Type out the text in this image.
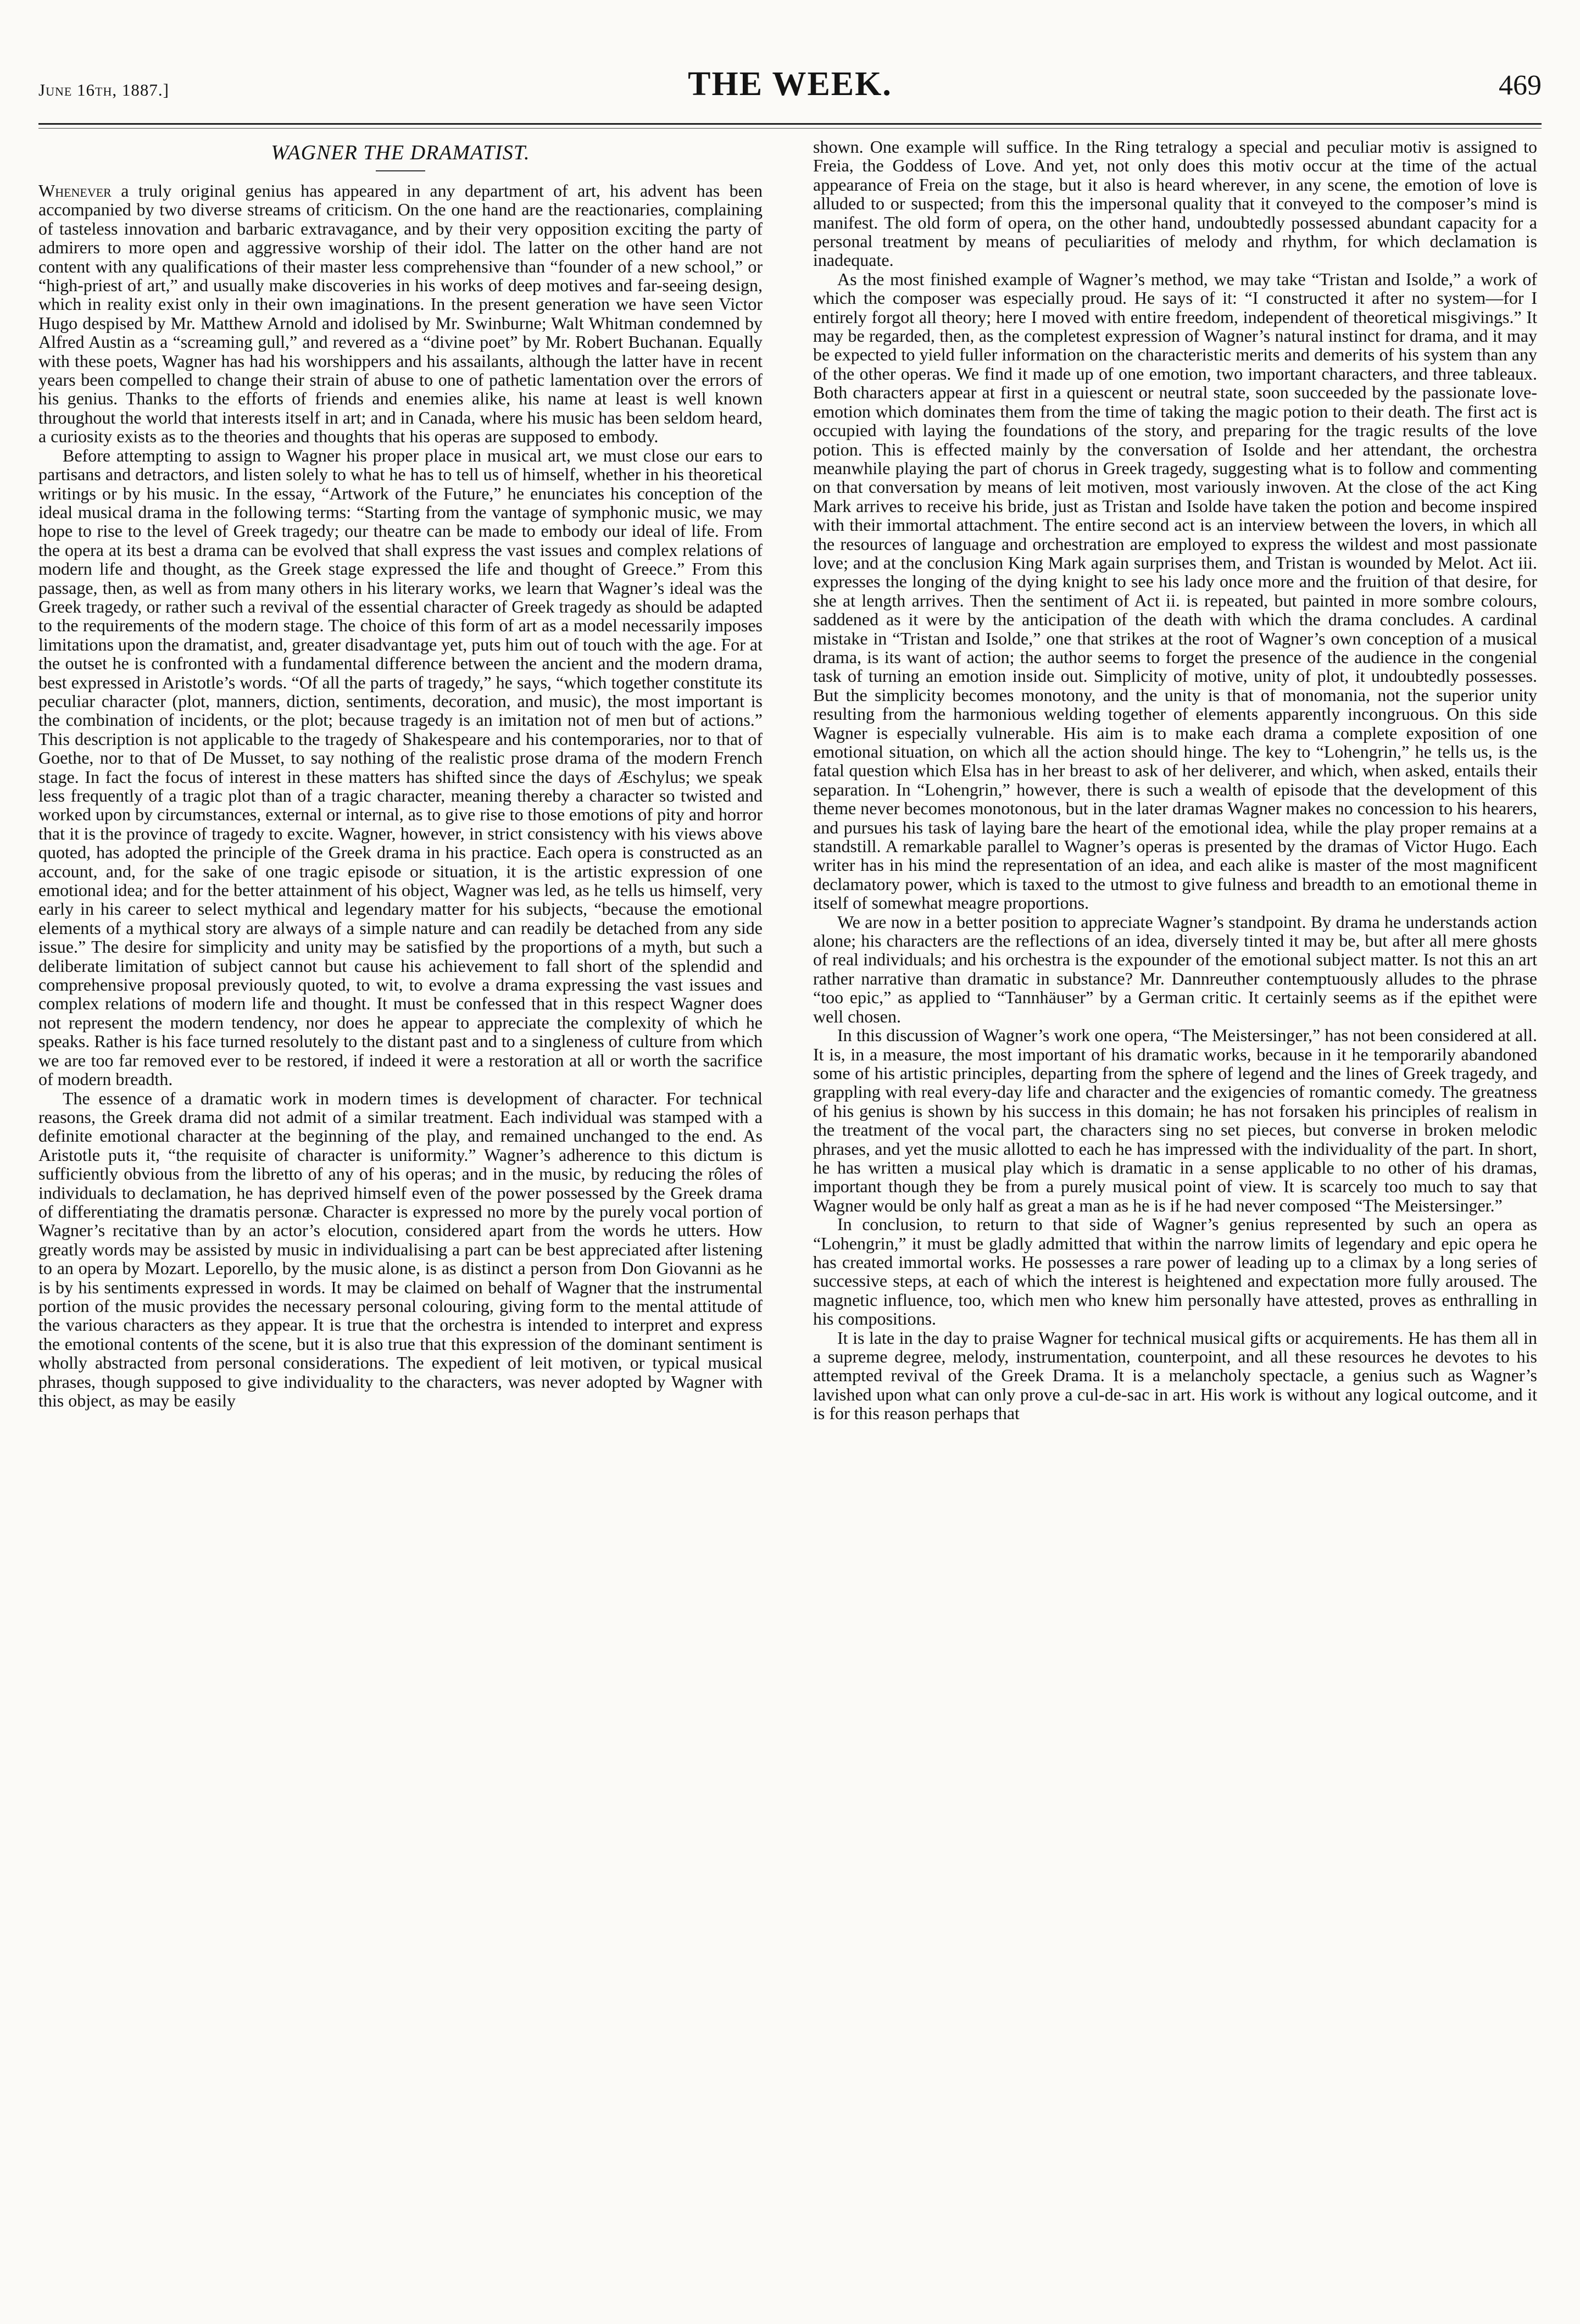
THE WEEK.
June 16th, 1887.]	469
WAGNER THE DRAMATIST.

Whenever a truly original genius has appeared in any department of art, his advent has been accompanied by two diverse streams of criticism. On the one hand are the reactionaries, complaining of tasteless innovation and barbaric extravagance, and by their very opposition exciting the party of admirers to more open and aggressive worship of their idol. The latter on the other hand are not content with any qualifications of their master less comprehensive than “founder of a new school,” or “high-priest of art,” and usually make discoveries in his works of deep motives and far-seeing design, which in reality exist only in their own imaginations. In the present generation we have seen Victor Hugo despised by Mr. Matthew Arnold and idolised by Mr. Swinburne; Walt Whitman condemned by Alfred Austin as a “screaming gull,” and revered as a “divine poet” by Mr. Robert Buchanan. Equally with these poets, Wagner has had his worshippers and his assailants, although the latter have in recent years been compelled to change their strain of abuse to one of pathetic lamentation over the errors of his genius. Thanks to the efforts of friends and enemies alike, his name at least is well known throughout the world that interests itself in art; and in Canada, where his music has been seldom heard, a curiosity exists as to the theories and thoughts that his operas are supposed to embody.

Before attempting to assign to Wagner his proper place in musical art, we must close our ears to partisans and detractors, and listen solely to what he has to tell us of himself, whether in his theoretical writings or by his music. In the essay, “Artwork of the Future,” he enunciates his conception of the ideal musical drama in the following terms: “Starting from the vantage of symphonic music, we may hope to rise to the level of Greek tragedy; our theatre can be made to embody our ideal of life. From the opera at its best a drama can be evolved that shall express the vast issues and complex relations of modern life and thought, as the Greek stage expressed the life and thought of Greece.” From this passage, then, as well as from many others in his literary works, we learn that Wagner’s ideal was the Greek tragedy, or rather such a revival of the essential character of Greek tragedy as should be adapted to the requirements of the modern stage. The choice of this form of art as a model necessarily imposes limitations upon the dramatist, and, greater disadvantage yet, puts him out of touch with the age. For at the outset he is confronted with a fundamental difference between the ancient and the modern drama, best expressed in Aristotle’s words. “Of all the parts of tragedy,” he says, “which together constitute its peculiar character (plot, manners, diction, sentiments, decoration, and music), the most important is the combination of incidents, or the plot; because tragedy is an imitation not of men but of actions.” This description is not applicable to the tragedy of Shakespeare and his contemporaries, nor to that of Goethe, nor to that of De Musset, to say nothing of the realistic prose drama of the modern French stage. In fact the focus of interest in these matters has shifted since the days of Æschylus; we speak less frequently of a tragic plot than of a tragic character, meaning thereby a character so twisted and worked upon by circumstances, external or internal, as to give rise to those emotions of pity and horror that it is the province of tragedy to excite. Wagner, however, in strict consistency with his views above quoted, has adopted the principle of the Greek drama in his practice. Each opera is constructed as an account, and, for the sake of one tragic episode or situation, it is the artistic expression of one emotional idea; and for the better attainment of his object, Wagner was led, as he tells us himself, very early in his career to select mythical and legendary matter for his subjects, “because the emotional elements of a mythical story are always of a simple nature and can readily be detached from any side issue.” The desire for simplicity and unity may be satisfied by the proportions of a myth, but such a deliberate limitation of subject cannot but cause his achievement to fall short of the splendid and comprehensive proposal previously quoted, to wit, to evolve a drama expressing the vast issues and complex relations of modern life and thought. It must be confessed that in this respect Wagner does not represent the modern tendency, nor does he appear to appreciate the complexity of which he speaks. Rather is his face turned resolutely to the distant past and to a singleness of culture from which we are too far removed ever to be restored, if indeed it were a restoration at all or worth the sacrifice of modern breadth.

The essence of a dramatic work in modern times is development of character. For technical reasons, the Greek drama did not admit of a similar treatment. Each individual was stamped with a definite emotional character at the beginning of the play, and remained unchanged to the end. As Aristotle puts it, “the requisite of character is uniformity.” Wagner’s adherence to this dictum is sufficiently obvious from the libretto of any of his operas; and in the music, by reducing the rôles of individuals to declamation, he has deprived himself even of the power possessed by the Greek drama of differentiating the dramatis personæ. Character is expressed no more by the purely vocal portion of Wagner’s recitative than by an actor’s elocution, considered apart from the words he utters. How greatly words may be assisted by music in individualising a part can be best appreciated after listening to an opera by Mozart. Leporello, by the music alone, is as distinct a person from Don Giovanni as he is by his sentiments expressed in words. It may be claimed on behalf of Wagner that the instrumental portion of the music provides the necessary personal colouring, giving form to the mental attitude of the various characters as they appear. It is true that the orchestra is intended to interpret and express the emotional contents of the scene, but it is also true that this expression of the dominant sentiment is wholly abstracted from personal considerations. The expedient of leit motiven, or typical musical phrases, though supposed to give individuality to the characters, was never adopted by Wagner with this object, as may be easily

shown. One example will suffice. In the Ring tetralogy a special and peculiar motiv is assigned to Freia, the Goddess of Love. And yet, not only does this motiv occur at the time of the actual appearance of Freia on the stage, but it also is heard wherever, in any scene, the emotion of love is alluded to or suspected; from this the impersonal quality that it conveyed to the composer’s mind is manifest. The old form of opera, on the other hand, undoubtedly possessed abundant capacity for a personal treatment by means of peculiarities of melody and rhythm, for which declamation is inadequate.

As the most finished example of Wagner’s method, we may take “Tristan and Isolde,” a work of which the composer was especially proud. He says of it: “I constructed it after no system—for I entirely forgot all theory; here I moved with entire freedom, independent of theoretical misgivings.” It may be regarded, then, as the completest expression of Wagner’s natural instinct for drama, and it may be expected to yield fuller information on the characteristic merits and demerits of his system than any of the other operas. We find it made up of one emotion, two important characters, and three tableaux. Both characters appear at first in a quiescent or neutral state, soon succeeded by the passionate love-emotion which dominates them from the time of taking the magic potion to their death. The first act is occupied with laying the foundations of the story, and preparing for the tragic results of the love potion. This is effected mainly by the conversation of Isolde and her attendant, the orchestra meanwhile playing the part of chorus in Greek tragedy, suggesting what is to follow and commenting on that conversation by means of leit motiven, most variously inwoven. At the close of the act King Mark arrives to receive his bride, just as Tristan and Isolde have taken the potion and become inspired with their immortal attachment. The entire second act is an interview between the lovers, in which all the resources of language and orchestration are employed to express the wildest and most passionate love; and at the conclusion King Mark again surprises them, and Tristan is wounded by Melot. Act iii. expresses the longing of the dying knight to see his lady once more and the fruition of that desire, for she at length arrives. Then the sentiment of Act ii. is repeated, but painted in more sombre colours, saddened as it were by the anticipation of the death with which the drama concludes. A cardinal mistake in “Tristan and Isolde,” one that strikes at the root of Wagner’s own conception of a musical drama, is its want of action; the author seems to forget the presence of the audience in the congenial task of turning an emotion inside out. Simplicity of motive, unity of plot, it undoubtedly possesses. But the simplicity becomes monotony, and the unity is that of monomania, not the superior unity resulting from the harmonious welding together of elements apparently incongruous. On this side Wagner is especially vulnerable. His aim is to make each drama a complete exposition of one emotional situation, on which all the action should hinge. The key to “Lohengrin,” he tells us, is the fatal question which Elsa has in her breast to ask of her deliverer, and which, when asked, entails their separation. In “Lohengrin,” however, there is such a wealth of episode that the development of this theme never becomes monotonous, but in the later dramas Wagner makes no concession to his hearers, and pursues his task of laying bare the heart of the emotional idea, while the play proper remains at a standstill. A remarkable parallel to Wagner’s operas is presented by the dramas of Victor Hugo. Each writer has in his mind the representation of an idea, and each alike is master of the most magnificent declamatory power, which is taxed to the utmost to give fulness and breadth to an emotional theme in itself of somewhat meagre proportions.

We are now in a better position to appreciate Wagner’s standpoint. By drama he understands action alone; his characters are the reflections of an idea, diversely tinted it may be, but after all mere ghosts of real individuals; and his orchestra is the expounder of the emotional subject matter. Is not this an art rather narrative than dramatic in substance? Mr. Dannreuther contemptuously alludes to the phrase “too epic,” as applied to “Tannhäuser” by a German critic. It certainly seems as if the epithet were well chosen.

In this discussion of Wagner’s work one opera, “The Meistersinger,” has not been considered at all. It is, in a measure, the most important of his dramatic works, because in it he temporarily abandoned some of his artistic principles, departing from the sphere of legend and the lines of Greek tragedy, and grappling with real every-day life and character and the exigencies of romantic comedy. The greatness of his genius is shown by his success in this domain; he has not forsaken his principles of realism in the treatment of the vocal part, the characters sing no set pieces, but converse in broken melodic phrases, and yet the music allotted to each he has impressed with the individuality of the part. In short, he has written a musical play which is dramatic in a sense applicable to no other of his dramas, important though they be from a purely musical point of view. It is scarcely too much to say that Wagner would be only half as great a man as he is if he had never composed “The Meistersinger.”

In conclusion, to return to that side of Wagner’s genius represented by such an opera as “Lohengrin,” it must be gladly admitted that within the narrow limits of legendary and epic opera he has created immortal works. He possesses a rare power of leading up to a climax by a long series of successive steps, at each of which the interest is heightened and expectation more fully aroused. The magnetic influence, too, which men who knew him personally have attested, proves as enthralling in his compositions.

It is late in the day to praise Wagner for technical musical gifts or acquirements. He has them all in a supreme degree, melody, instrumentation, counterpoint, and all these resources he devotes to his attempted revival of the Greek Drama. It is a melancholy spectacle, a genius such as Wagner’s lavished upon what can only prove a cul-de-sac in art. His work is without any logical outcome, and it is for this reason perhaps that
